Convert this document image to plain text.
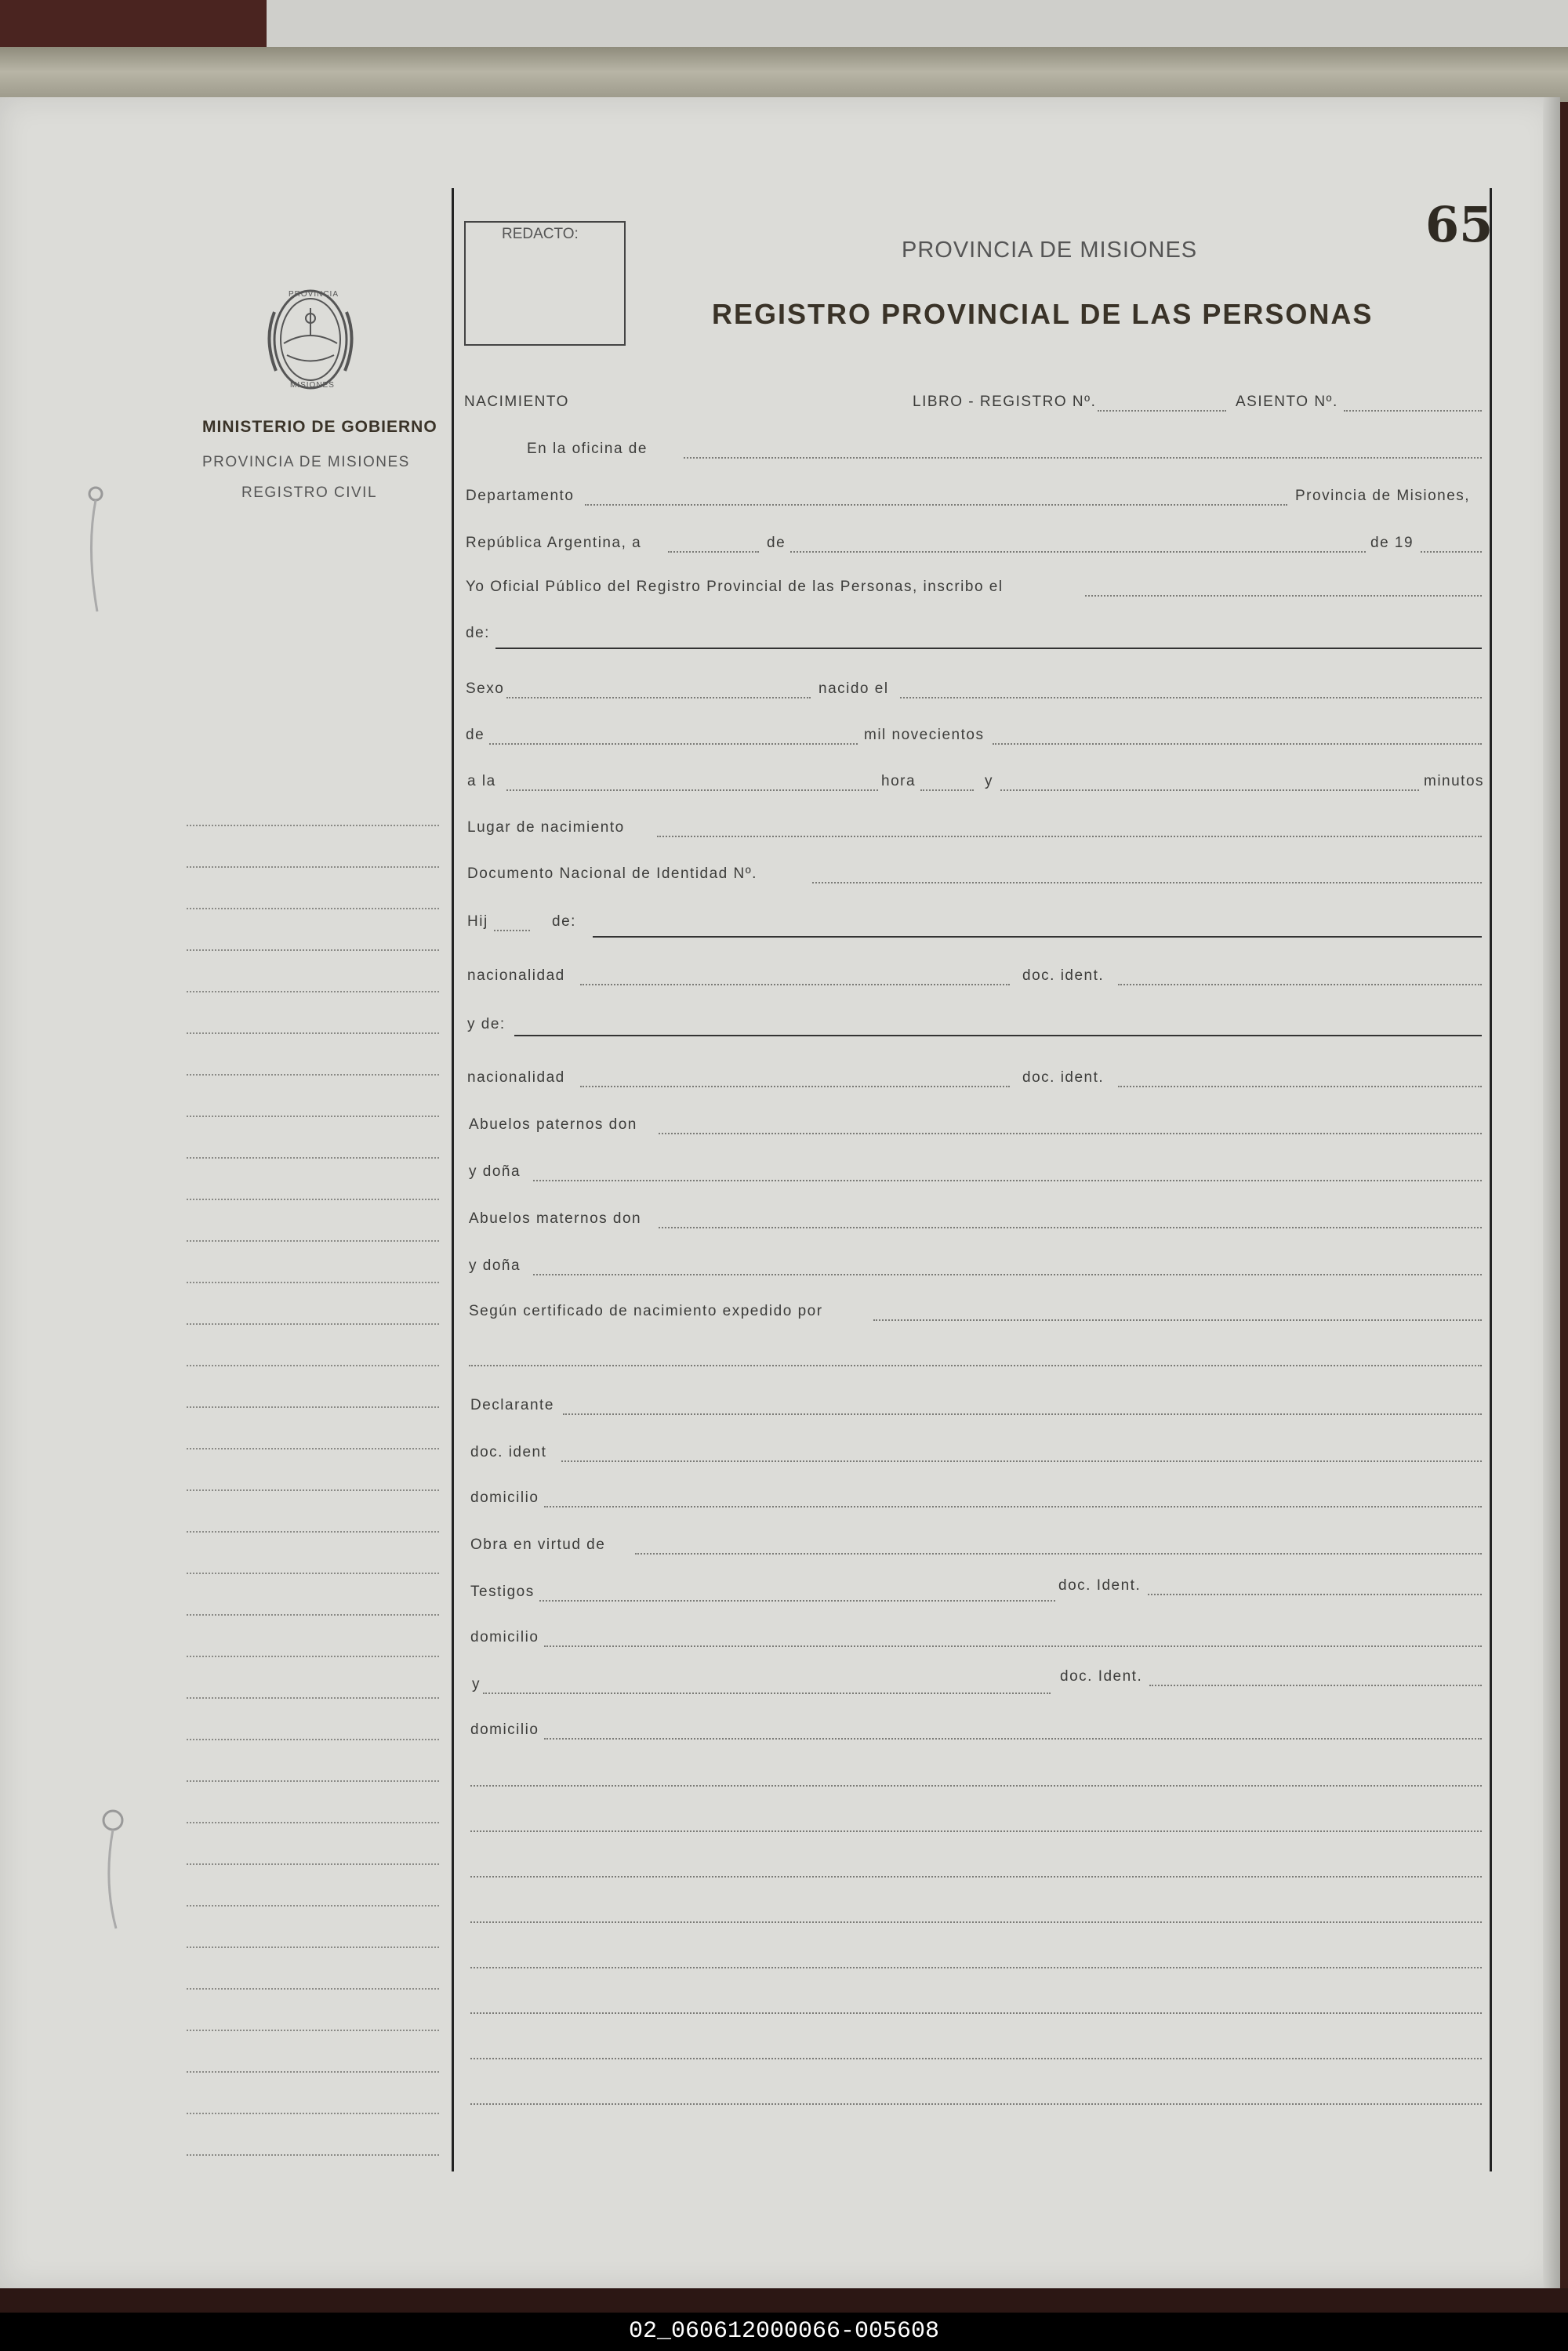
REDACTO:
PROVINCIA DE MISIONES
REGISTRO PROVINCIAL DE LAS PERSONAS
65
PROVINCIA
MISIONES
MINISTERIO DE GOBIERNO
PROVINCIA DE MISIONES
REGISTRO CIVIL
NACIMIENTO	LIBRO - REGISTRO Nº.	ASIENTO Nº.
En la oficina de
Departamento	Provincia de Misiones,
República Argentina, a	de	de 19
Yo Oficial Público del Registro Provincial de las Personas, inscribo el
de:
Sexo	nacido el
de	mil novecientos
a la	hora	y	minutos
Lugar de nacimiento
Documento Nacional de Identidad Nº.
Hij	de:
nacionalidad	doc. ident.
y de:
nacionalidad	doc. ident.
Abuelos paternos don
y doña
Abuelos maternos don
y doña
Según certificado de nacimiento expedido por
Declarante
doc. ident
domicilio
Obra en virtud de
Testigos	doc. Ident.
domicilio
y	doc. Ident.
domicilio
02_060612000066-005608
